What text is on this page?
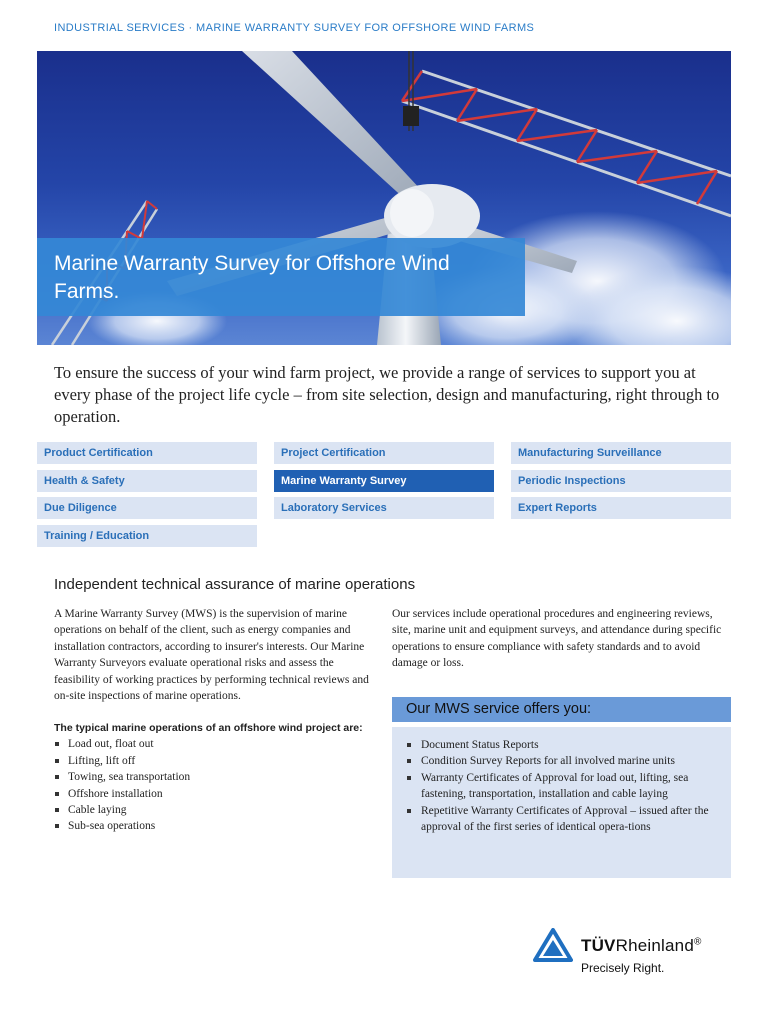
INDUSTRIAL SERVICES · MARINE WARRANTY SURVEY FOR OFFSHORE WIND FARMS
Marine Warranty Survey for Offshore Wind Farms.

To ensure the success of your wind farm project, we provide a range of services to support you at every phase of the project life cycle – from site selection, design and manufacturing, right through to operation.

Product Certification	Project Certification	Manufacturing Surveillance
Health & Safety	Marine Warranty Survey	Periodic Inspections
Due Diligence	Laboratory Services	Expert Reports
Training / Education
Independent technical assurance of marine operations

A Marine Warranty Survey (MWS) is the supervision of marine operations on behalf of the client, such as energy companies and installation contractors, according to insurer's interests. Our Marine Warranty Surveyors evaluate operational risks and assess the feasibility of working practices by performing technical reviews and on-site inspections of marine operations.

The typical marine operations of an offshore wind project are:

Load out, float out
Lifting, lift off
Towing, sea transportation
Offshore installation
Cable laying
Sub-sea operations

Our services include operational procedures and engineering reviews, site, marine unit and equipment surveys, and attendance during specific operations to ensure compliance with safety standards and to avoid damage or loss.

Our MWS service offers you:
Document Status Reports
Condition Survey Reports for all involved marine units
Warranty Certificates of Approval for load out, lifting, sea fastening, transportation, installation and cable laying
Repetitive Warranty Certificates of Approval – issued after the approval of the first series of identical opera-tions
TÜVRheinland®
Precisely Right.
